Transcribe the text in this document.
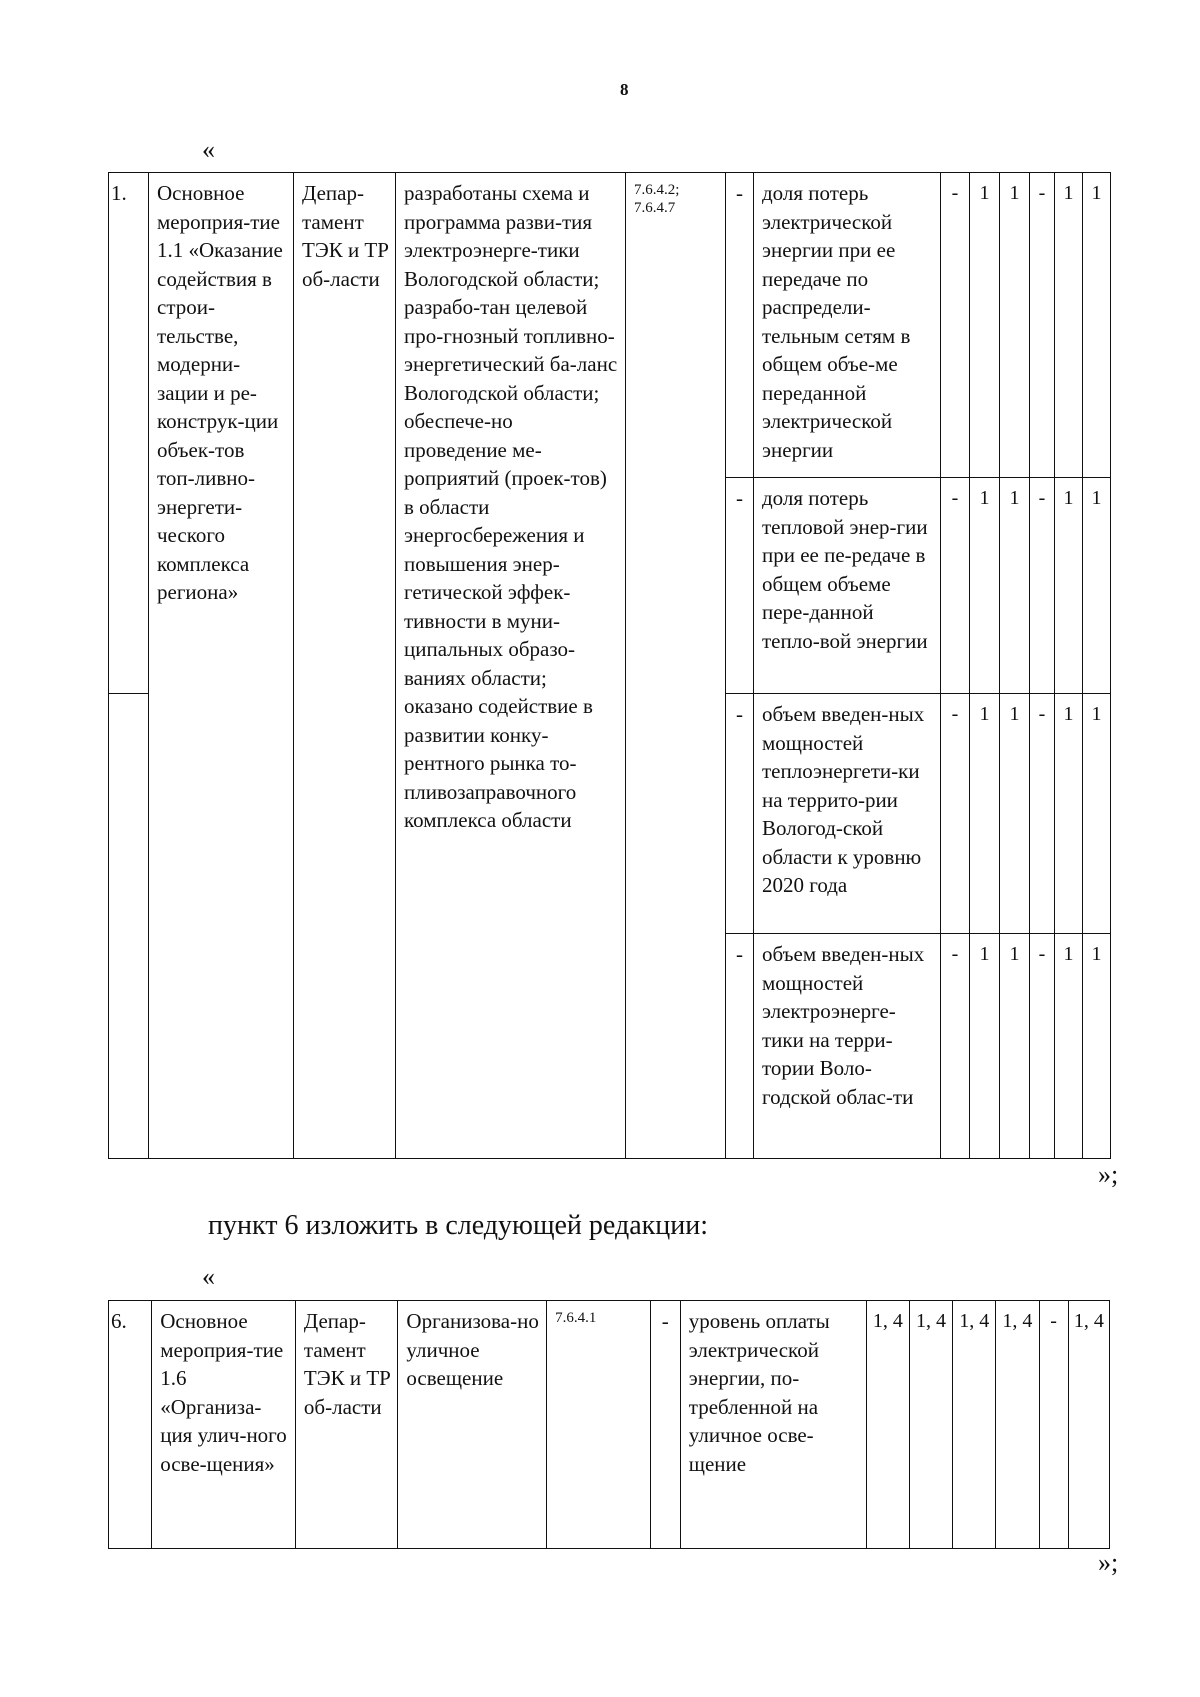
8
«
1.	Основное мероприя-тие 1.1 «Оказание содействия в строи-тельстве, модерни-зации и ре-конструк-ции объек-тов топ-ливно-энергети-ческого комплекса региона»	Депар-тамент ТЭК и ТР об-ласти	разработаны схема и программа разви-тия электроэнерге-тики Вологодской области; разрабо-тан целевой про-гнозный топливно-энергетический ба-ланс Вологодской области; обеспече-но проведение ме-роприятий (проек-тов) в области энергосбережения и повышения энер-гетической эффек-тивности в муни-ципальных образо-ваниях области; оказано содействие в развитии конку-рентного рынка то-пливозаправочного комплекса области	7.6.4.2; 7.6.4.7	-	доля потерь электрической энергии при ее передаче по распредели-тельным сетям в общем объе-ме переданной электрической энергии	-	1	1	-	1	1
					-	доля потерь тепловой энер-гии при ее пе-редаче в общем объеме пере-данной тепло-вой энергии	-	1	1	-	1	1
					-	объем введен-ных мощностей теплоэнергети-ки на террито-рии Вологод-ской области к уровню 2020 года	-	1	1	-	1	1
					-	объем введен-ных мощностей электроэнерге-тики на терри-тории Воло-годской облас-ти	-	1	1	-	1	1
»;
пункт 6 изложить в следующей редакции:
«
6.	Основное мероприя-тие 1.6 «Организа-ция улич-ного осве-щения»	Депар-тамент ТЭК и ТР об-ласти	Организова-но уличное освещение	7.6.4.1	-	уровень оплаты электрической энергии, по-требленной на уличное осве-щение	1, 4	1, 4	1, 4	1, 4	-	1, 4
»;
